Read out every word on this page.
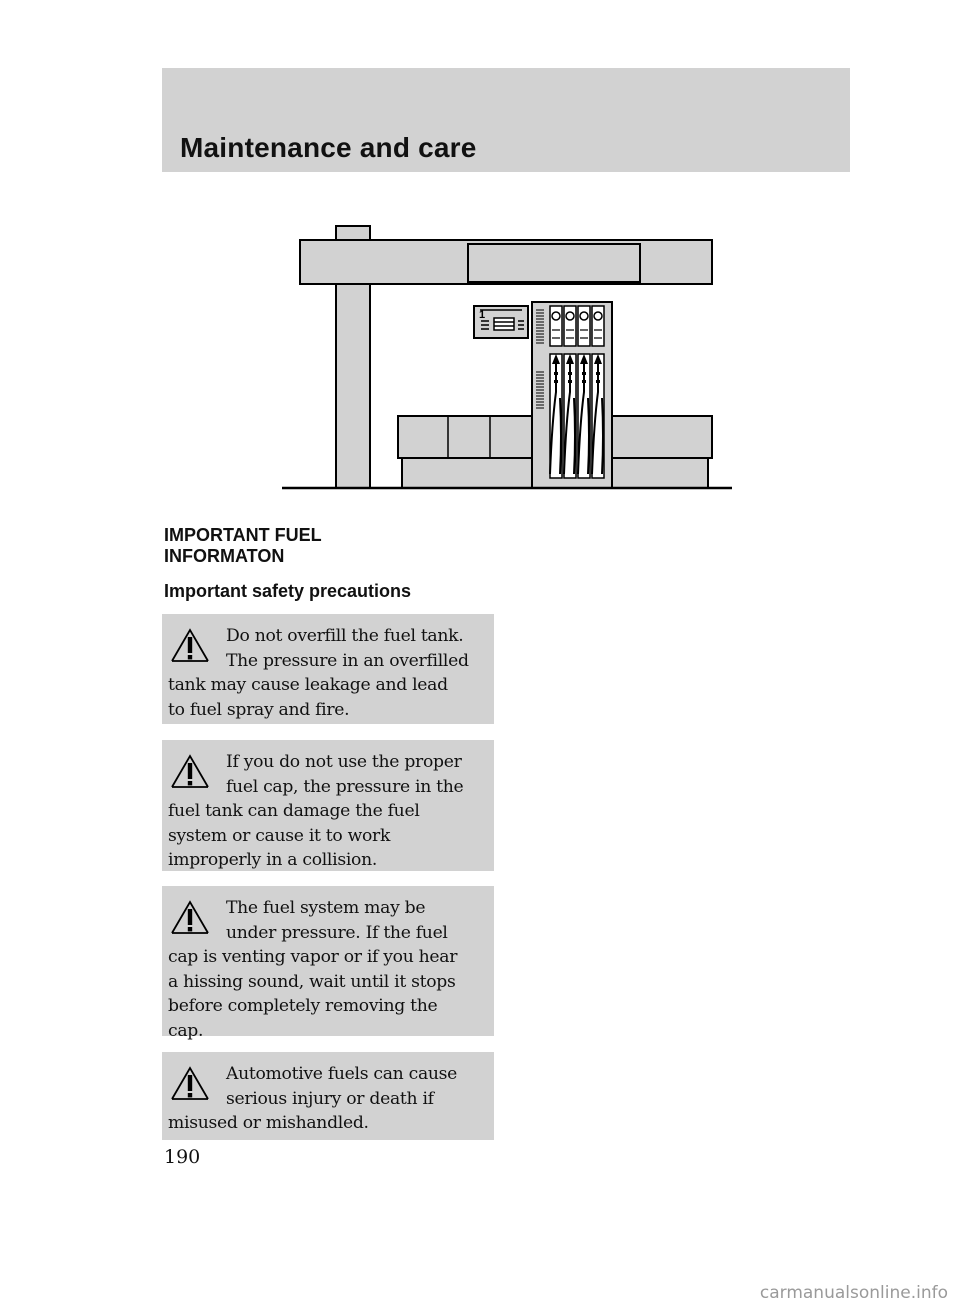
Maintenance and care
1
IMPORTANT FUEL
INFORMATON
Important safety precautions
Do not overfill the fuel tank.
The pressure in an overfilled
tank may cause leakage and lead
to fuel spray and fire.
If you do not use the proper
fuel cap, the pressure in the
fuel tank can damage the fuel
system or cause it to work
improperly in a collision.
The fuel system may be
under pressure. If the fuel
cap is venting vapor or if you hear
a hissing sound, wait until it stops
before completely removing the
cap.
Automotive fuels can cause
serious injury or death if
misused or mishandled.
190
carmanualsonline.info
